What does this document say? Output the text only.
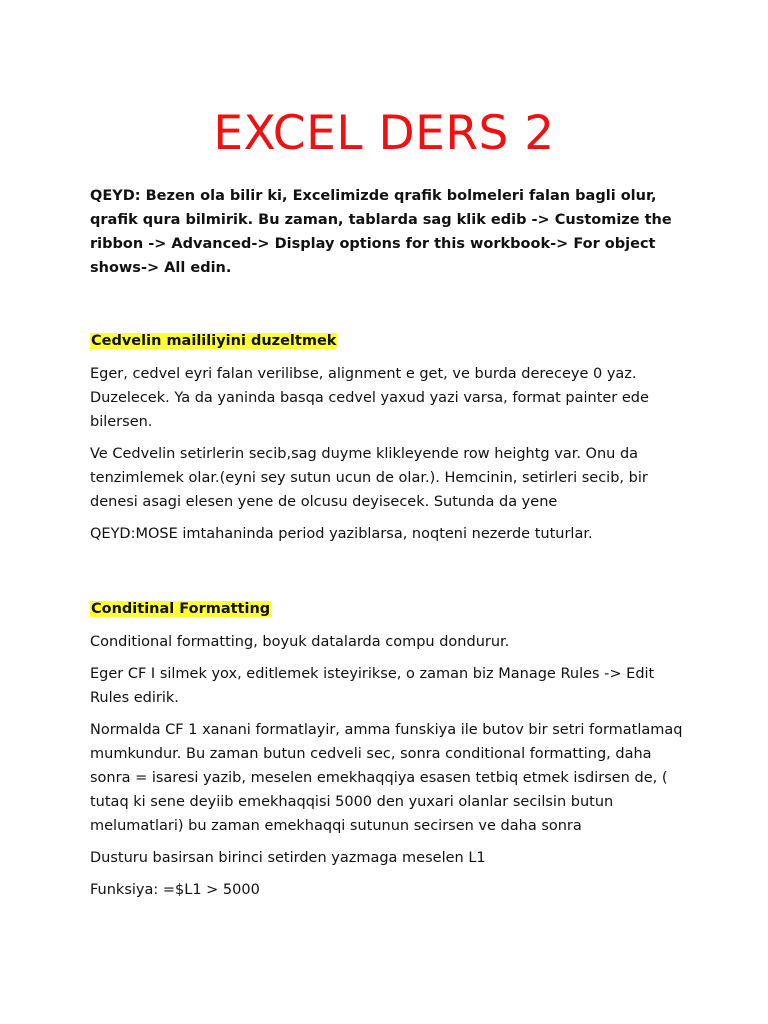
EXCEL DERS 2

QEYD: Bezen ola bilir ki, Excelimizde qrafik bolmeleri falan bagli olur, qrafik qura bilmirik. Bu zaman, tablarda sag klik edib -> Customize the ribbon -> Advanced-> Display options for this workbook-> For object shows-> All edin.

Cedvelin maililiyini duzeltmek

Eger, cedvel eyri falan verilibse, alignment e get, ve burda dereceye 0 yaz. Duzelecek. Ya da yaninda basqa cedvel yaxud yazi varsa, format painter ede bilersen.

Ve Cedvelin setirlerin secib,sag duyme klikleyende row heightg var. Onu da tenzimlemek olar.(eyni sey sutun ucun de olar.). Hemcinin, setirleri secib, bir denesi asagi elesen yene de olcusu deyisecek. Sutunda da yene

QEYD:MOSE imtahaninda period yaziblarsa, noqteni nezerde tuturlar.

Conditinal Formatting

Conditional formatting, boyuk datalarda compu dondurur.

Eger CF I silmek yox, editlemek isteyirikse, o zaman biz Manage Rules -> Edit Rules edirik.

Normalda CF 1 xanani formatlayir, amma funskiya ile butov bir setri formatlamaq mumkundur. Bu zaman butun cedveli sec, sonra conditional formatting, daha sonra = isaresi yazib, meselen emekhaqqiya esasen tetbiq etmek isdirsen de, ( tutaq ki sene deyiib emekhaqqisi 5000 den yuxari olanlar secilsin butun melumatlari) bu zaman emekhaqqi sutunun secirsen ve daha sonra

Dusturu basirsan birinci setirden yazmaga meselen L1

Funksiya: =$L1 > 5000
